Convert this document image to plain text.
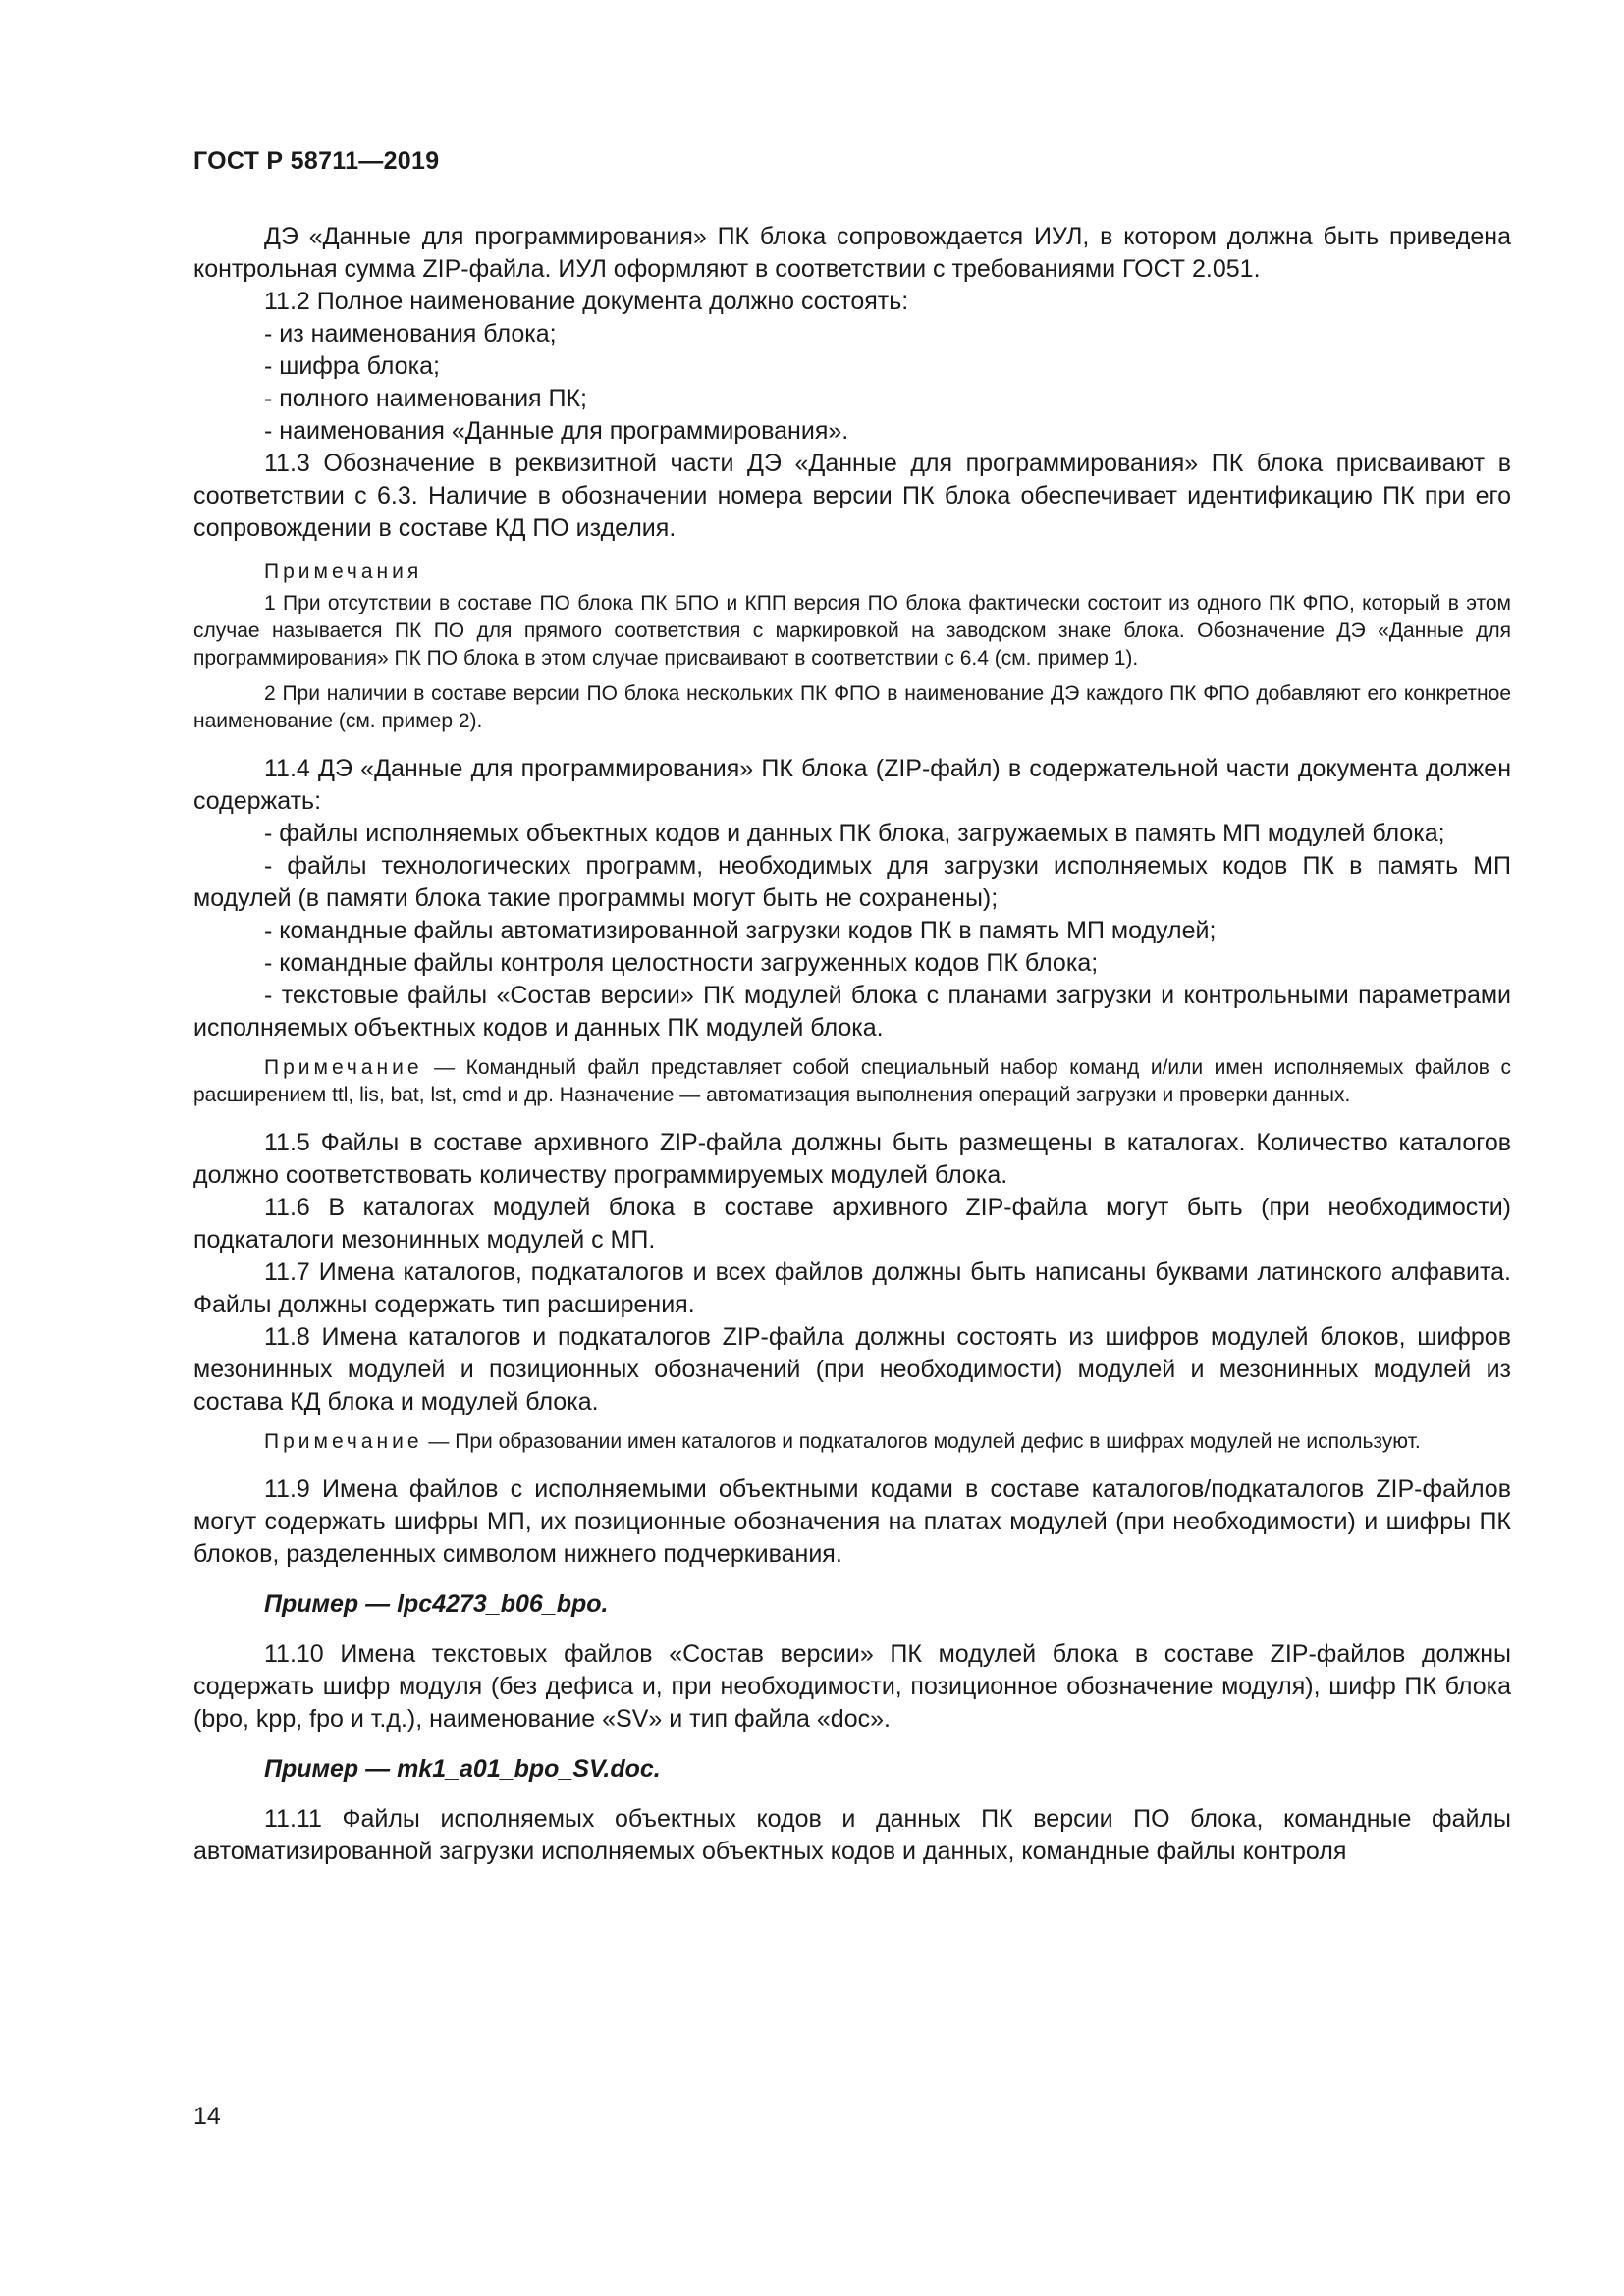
ГОСТ Р 58711—2019

ДЭ «Данные для программирования» ПК блока сопровождается ИУЛ, в котором должна быть приведена контрольная сумма ZIP-файла. ИУЛ оформляют в соответствии с требованиями ГОСТ 2.051.

11.2 Полное наименование документа должно состоять:

- из наименования блока;

- шифра блока;

- полного наименования ПК;

- наименования «Данные для программирования».

11.3 Обозначение в реквизитной части ДЭ «Данные для программирования» ПК блока присваивают в соответствии с 6.3. Наличие в обозначении номера версии ПК блока обеспечивает идентификацию ПК при его сопровождении в составе КД ПО изделия.

Примечания

1 При отсутствии в составе ПО блока ПК БПО и КПП версия ПО блока фактически состоит из одного ПК ФПО, который в этом случае называется ПК ПО для прямого соответствия с маркировкой на заводском знаке блока. Обозначение ДЭ «Данные для программирования» ПК ПО блока в этом случае присваивают в соответствии с 6.4 (см. пример 1).

2 При наличии в составе версии ПО блока нескольких ПК ФПО в наименование ДЭ каждого ПК ФПО добавляют его конкретное наименование (см. пример 2).

11.4 ДЭ «Данные для программирования» ПК блока (ZIP-файл) в содержательной части документа должен содержать:

- файлы исполняемых объектных кодов и данных ПК блока, загружаемых в память МП модулей блока;

- файлы технологических программ, необходимых для загрузки исполняемых кодов ПК в память МП модулей (в памяти блока такие программы могут быть не сохранены);

- командные файлы автоматизированной загрузки кодов ПК в память МП модулей;

- командные файлы контроля целостности загруженных кодов ПК блока;

- текстовые файлы «Состав версии» ПК модулей блока с планами загрузки и контрольными параметрами исполняемых объектных кодов и данных ПК модулей блока.

Примечание — Командный файл представляет собой специальный набор команд и/или имен исполняемых файлов с расширением ttl, lis, bat, lst, cmd и др. Назначение — автоматизация выполнения операций загрузки и проверки данных.

11.5 Файлы в составе архивного ZIP-файла должны быть размещены в каталогах. Количество каталогов должно соответствовать количеству программируемых модулей блока.

11.6 В каталогах модулей блока в составе архивного ZIP-файла могут быть (при необходимости) подкаталоги мезонинных модулей с МП.

11.7 Имена каталогов, подкаталогов и всех файлов должны быть написаны буквами латинского алфавита. Файлы должны содержать тип расширения.

11.8 Имена каталогов и подкаталогов ZIP-файла должны состоять из шифров модулей блоков, шифров мезонинных модулей и позиционных обозначений (при необходимости) модулей и мезонинных модулей из состава КД блока и модулей блока.

Примечание — При образовании имен каталогов и подкаталогов модулей дефис в шифрах модулей не используют.

11.9 Имена файлов с исполняемыми объектными кодами в составе каталогов/подкаталогов ZIP-файлов могут содержать шифры МП, их позиционные обозначения на платах модулей (при необходимости) и шифры ПК блоков, разделенных символом нижнего подчеркивания.

Пример — lpc4273_b06_bpo.

11.10 Имена текстовых файлов «Состав версии» ПК модулей блока в составе ZIP-файлов должны содержать шифр модуля (без дефиса и, при необходимости, позиционное обозначение модуля), шифр ПК блока (bpo, kpp, fpo и т.д.), наименование «SV» и тип файла «doc».

Пример — mk1_a01_bpo_SV.doc.

11.11 Файлы исполняемых объектных кодов и данных ПК версии ПО блока, командные файлы автоматизированной загрузки исполняемых объектных кодов и данных, командные файлы контроля

14
